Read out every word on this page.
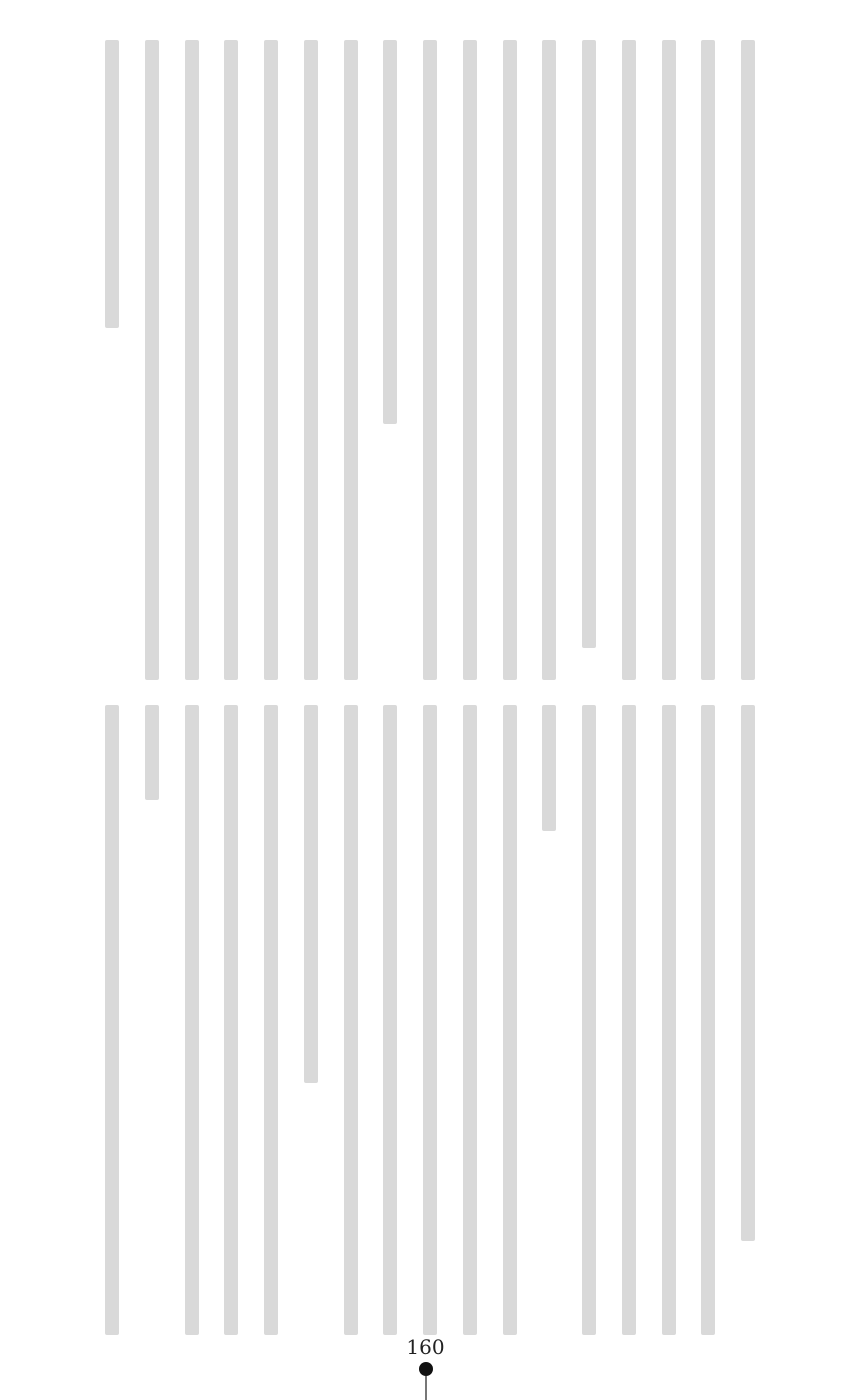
160
